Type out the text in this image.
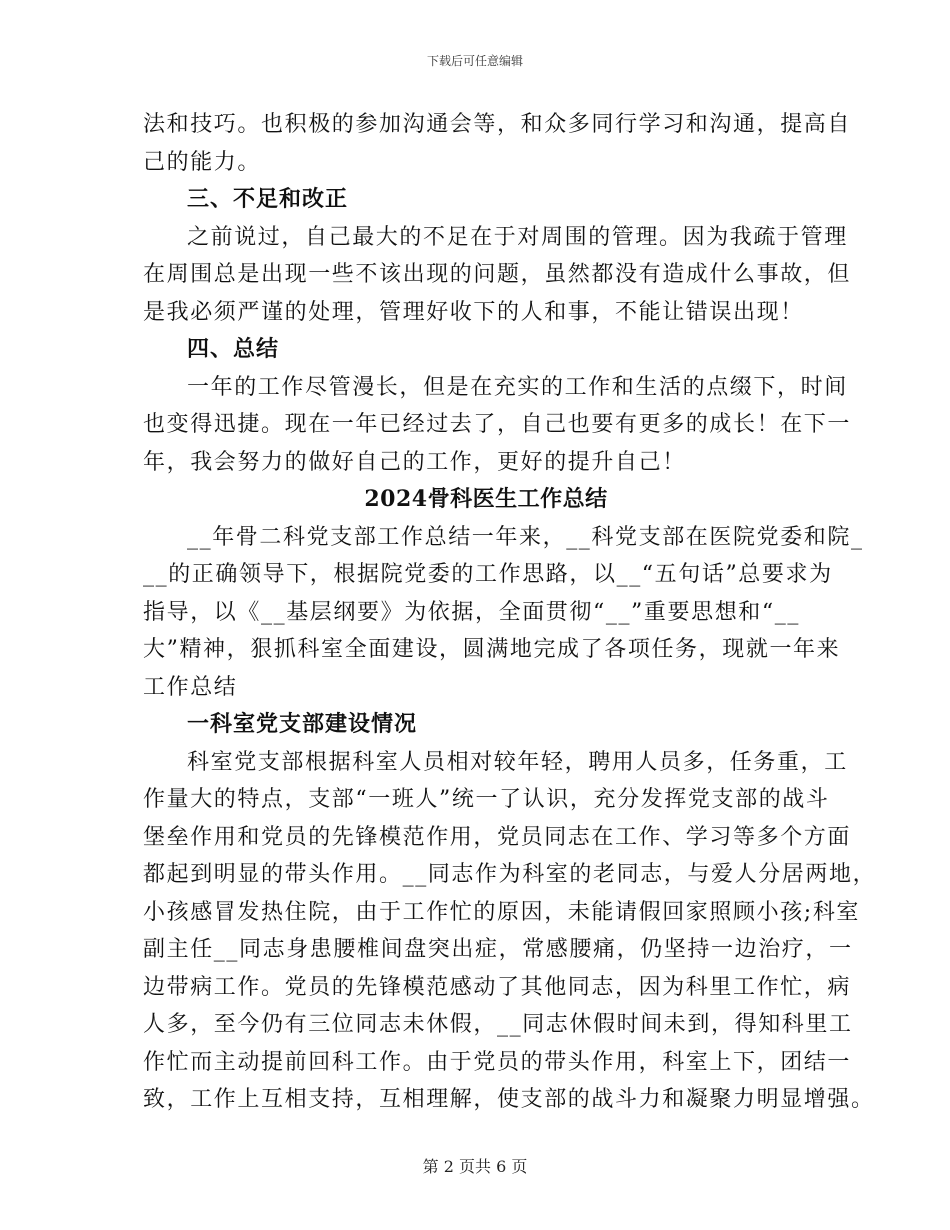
下载后可任意编辑
法和技巧。也积极的参加沟通会等，和众多同行学习和沟通，提高自
己的能力。
三、不足和改正
之前说过，自己最大的不足在于对周围的管理。因为我疏于管理
在周围总是出现一些不该出现的问题，虽然都没有造成什么事故，但
是我必须严谨的处理，管理好收下的人和事，不能让错误出现！
四、总结
一年的工作尽管漫长，但是在充实的工作和生活的点缀下，时间
也变得迅捷。现在一年已经过去了，自己也要有更多的成长！在下一
年，我会努力的做好自己的工作，更好的提升自己！
2024骨科医生工作总结
__年骨二科党支部工作总结一年来，__科党支部在医院党委和院_
__的正确领导下，根据院党委的工作思路，以__“五句话”总要求为
指导，以《__基层纲要》为依据，全面贯彻“__”重要思想和“__
大”精神，狠抓科室全面建设，圆满地完成了各项任务，现就一年来
工作总结
一科室党支部建设情况
科室党支部根据科室人员相对较年轻，聘用人员多，任务重，工
作量大的特点，支部“一班人”统一了认识，充分发挥党支部的战斗
堡垒作用和党员的先锋模范作用，党员同志在工作、学习等多个方面
都起到明显的带头作用。__同志作为科室的老同志，与爱人分居两地，
小孩感冒发热住院，由于工作忙的原因，未能请假回家照顾小孩;科室
副主任__同志身患腰椎间盘突出症，常感腰痛，仍坚持一边治疗，一
边带病工作。党员的先锋模范感动了其他同志，因为科里工作忙，病
人多，至今仍有三位同志未休假，__同志休假时间未到，得知科里工
作忙而主动提前回科工作。由于党员的带头作用，科室上下，团结一
致，工作上互相支持，互相理解，使支部的战斗力和凝聚力明显增强。
第 2 页共 6 页
